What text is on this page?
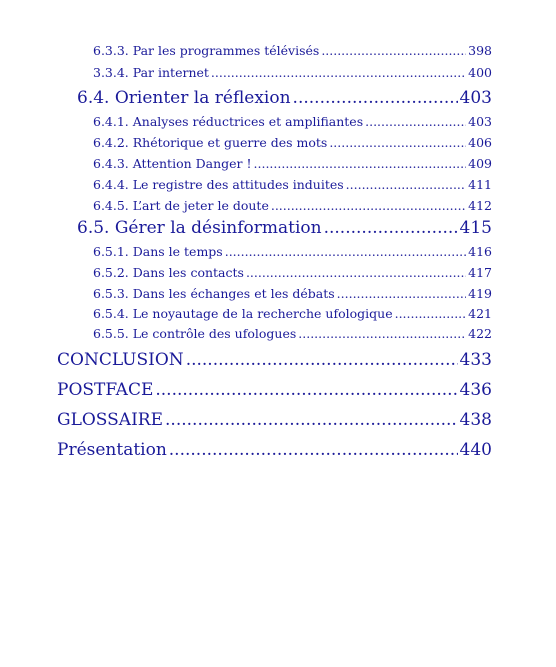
6.3.3. Par les programmes télévisés .....	398
3.3.4. Par internet .....	400
6.4. Orienter la réflexion .....	403
6.4.1. Analyses réductrices et amplifiantes .....	403
6.4.2. Rhétorique et guerre des mots .....	406
6.4.3. Attention Danger ! .....	409
6.4.4. Le registre des attitudes induites .....	411
6.4.5. L’art de jeter le doute .....	412
6.5. Gérer la désinformation .....	415
6.5.1. Dans le temps .....	416
6.5.2. Dans les contacts .....	417
6.5.3. Dans les échanges et les débats .....	419
6.5.4. Le noyautage de la recherche ufologique .....	421
6.5.5. Le contrôle des ufologues .....	422
CONCLUSION .....	433
POSTFACE .....	436
GLOSSAIRE .....	438
Présentation .....	440
